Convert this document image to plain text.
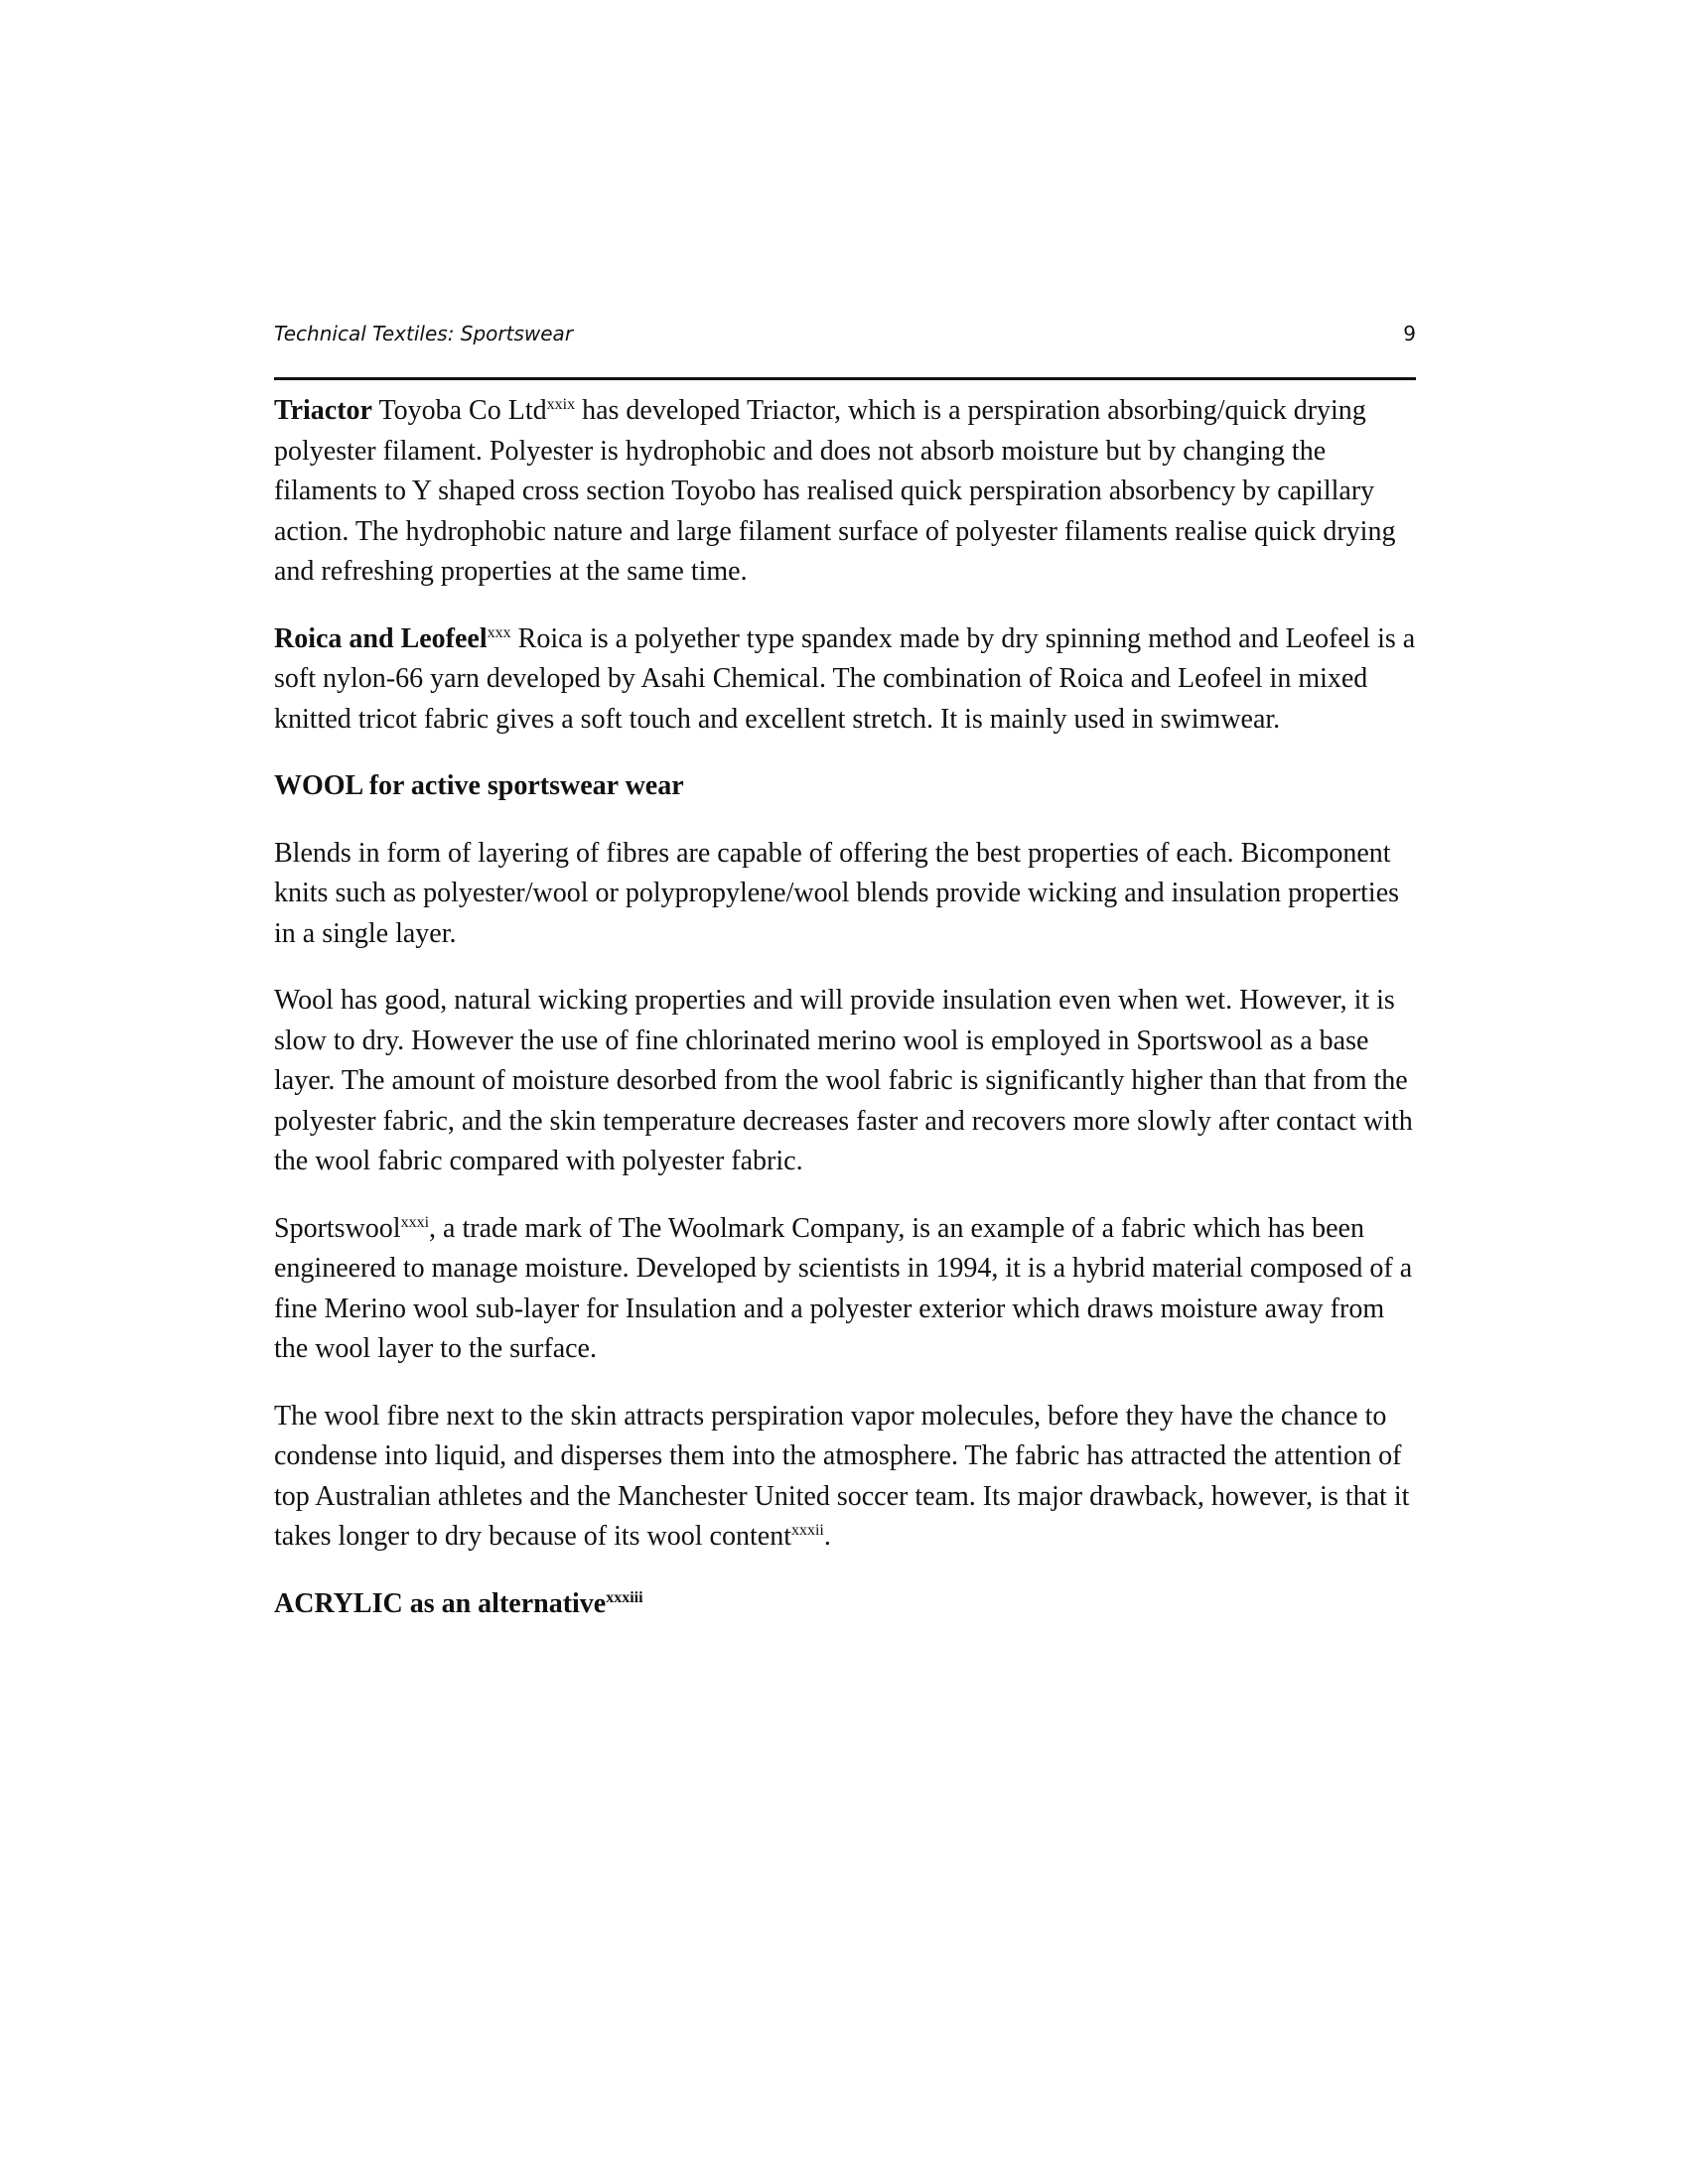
Technical Textiles: Sportswear	9

Triactor Toyoba Co Ltd$^{xxix}$ has developed Triactor, which is a perspiration absorbing/quick drying polyester filament. Polyester is hydrophobic and does not absorb moisture but by changing the filaments to Y shaped cross section Toyobo has realised quick perspiration absorbency by capillary action. The hydrophobic nature and large filament surface of polyester filaments realise quick drying and refreshing properties at the same time.

Roica and Leofeel$^{xxx}$ Roica is a polyether type spandex made by dry spinning method and Leofeel is a soft nylon-66 yarn developed by Asahi Chemical. The combination of Roica and Leofeel in mixed knitted tricot fabric gives a soft touch and excellent stretch. It is mainly used in swimwear.

WOOL for active sportswear wear

Blends in form of layering of fibres are capable of offering the best properties of each. Bicomponent knits such as polyester/wool or polypropylene/wool blends provide wicking and insulation properties in a single layer.

Wool has good, natural wicking properties and will provide insulation even when wet. However, it is slow to dry. However the use of fine chlorinated merino wool is employed in Sportswool as a base layer. The amount of moisture desorbed from the wool fabric is significantly higher than that from the polyester fabric, and the skin temperature decreases faster and recovers more slowly after contact with the wool fabric compared with polyester fabric.

Sportswool$^{xxxi}$, a trade mark of The Woolmark Company, is an example of a fabric which has been engineered to manage moisture. Developed by scientists in 1994, it is a hybrid material composed of a fine Merino wool sub-layer for Insulation and a polyester exterior which draws moisture away from the wool layer to the surface.

The wool fibre next to the skin attracts perspiration vapor molecules, before they have the chance to condense into liquid, and disperses them into the atmosphere. The fabric has attracted the attention of top Australian athletes and the Manchester United soccer team. Its major drawback, however, is that it takes longer to dry because of its wool content$^{xxxii}$.

ACRYLIC as an alternative$^{xxxiii}$
